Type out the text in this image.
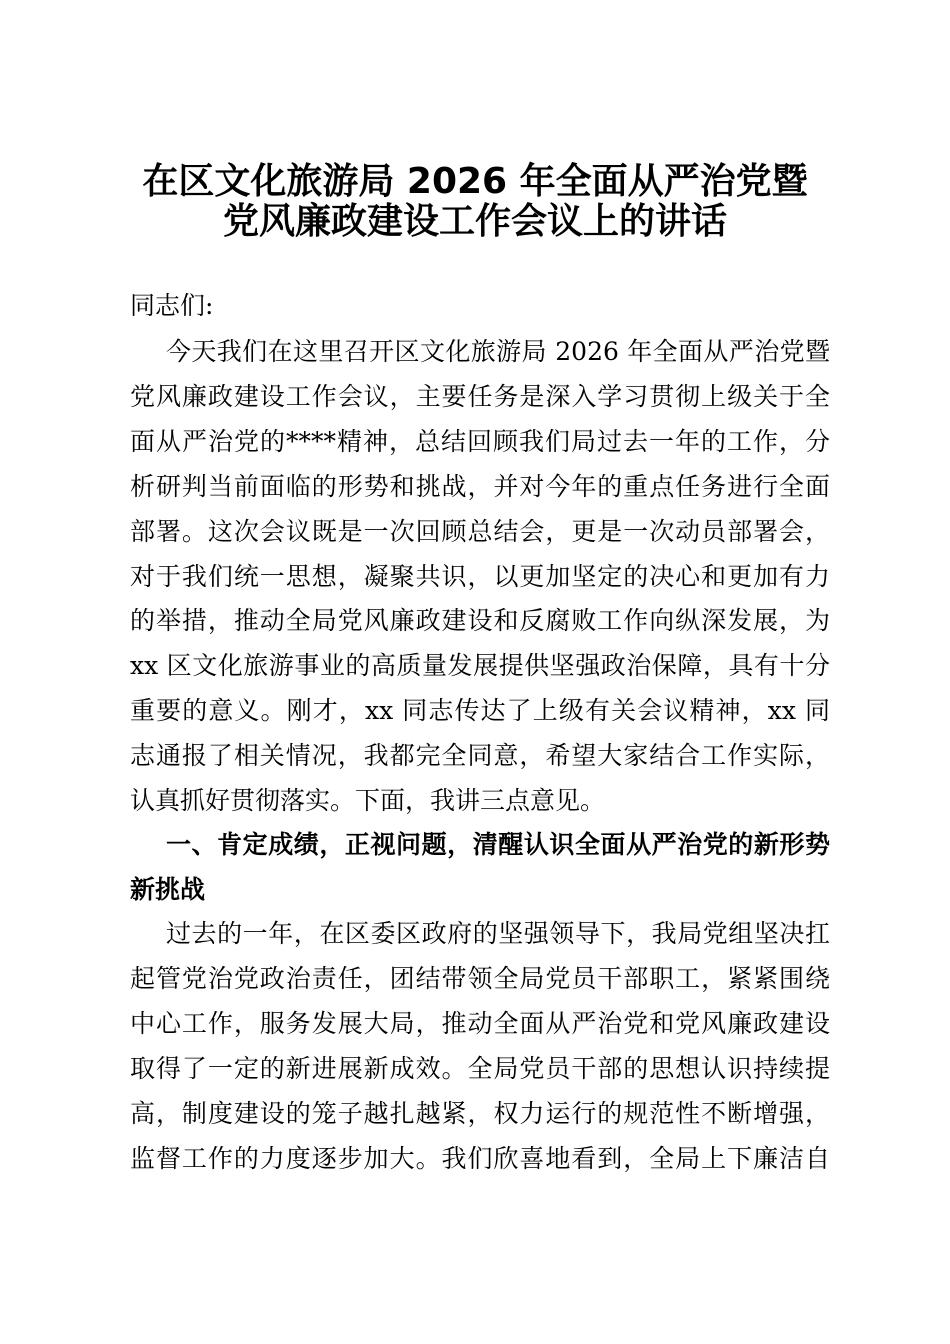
在区文化旅游局 2026 年全面从严治党暨
党风廉政建设工作会议上的讲话
同志们:
今天我们在这里召开区文化旅游局 2026 年全面从严治党暨
党风廉政建设工作会议，主要任务是深入学习贯彻上级关于全
面从严治党的****精神，总结回顾我们局过去一年的工作，分
析研判当前面临的形势和挑战，并对今年的重点任务进行全面
部署。这次会议既是一次回顾总结会，更是一次动员部署会，
对于我们统一思想，凝聚共识，以更加坚定的决心和更加有力
的举措，推动全局党风廉政建设和反腐败工作向纵深发展，为
xx 区文化旅游事业的高质量发展提供坚强政治保障，具有十分
重要的意义。刚才，xx 同志传达了上级有关会议精神，xx 同
志通报了相关情况，我都完全同意，希望大家结合工作实际，
认真抓好贯彻落实。下面，我讲三点意见。
一、肯定成绩，正视问题，清醒认识全面从严治党的新形势
新挑战
过去的一年，在区委区政府的坚强领导下，我局党组坚决扛
起管党治党政治责任，团结带领全局党员干部职工，紧紧围绕
中心工作，服务发展大局，推动全面从严治党和党风廉政建设
取得了一定的新进展新成效。全局党员干部的思想认识持续提
高，制度建设的笼子越扎越紧，权力运行的规范性不断增强，
监督工作的力度逐步加大。我们欣喜地看到，全局上下廉洁自
